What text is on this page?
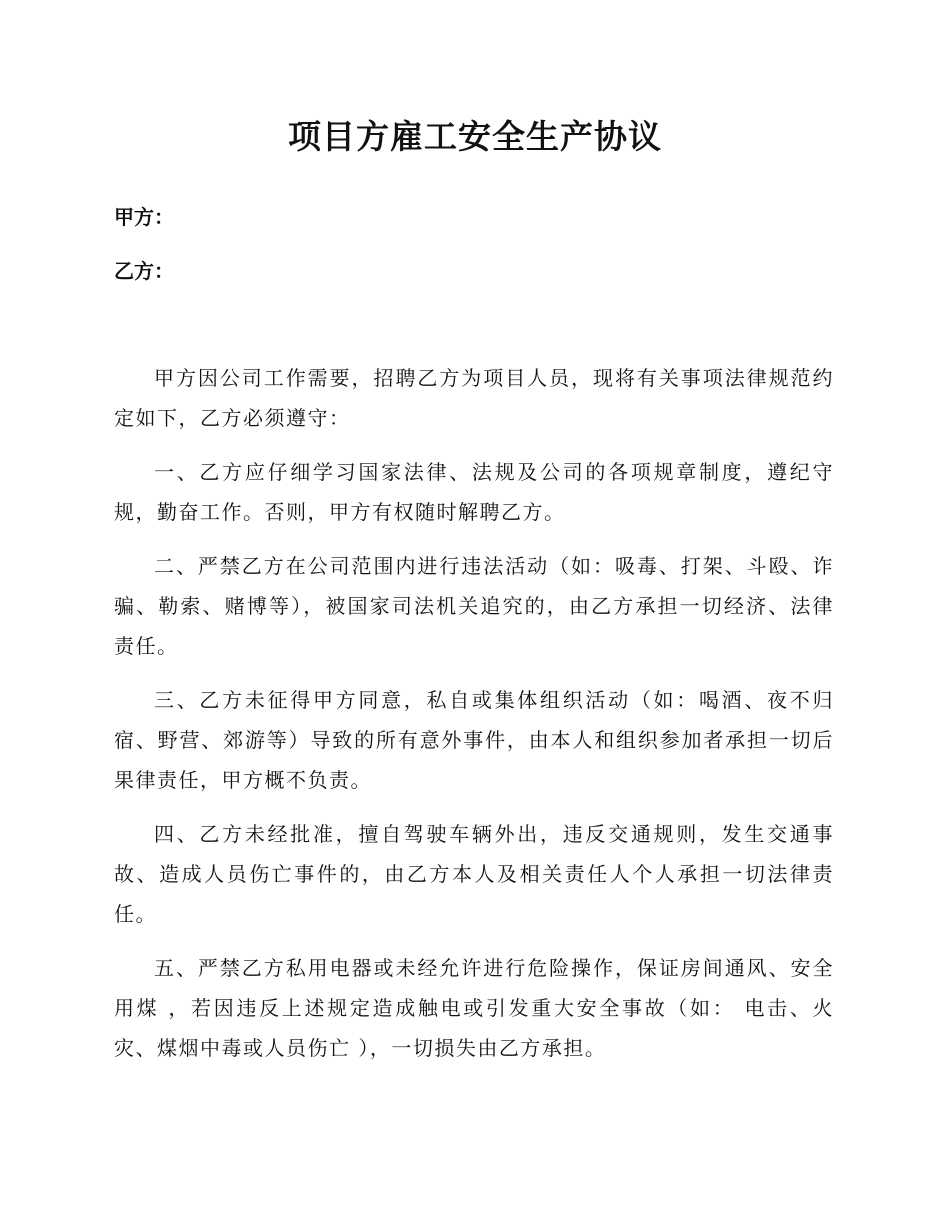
项目方雇工安全生产协议
甲方：
乙方：

甲方因公司工作需要，招聘乙方为项目人员，现将有关事项法律规范约定如下，乙方必须遵守：

一、乙方应仔细学习国家法律、法规及公司的各项规章制度，遵纪守规，勤奋工作。否则，甲方有权随时解聘乙方。

二、严禁乙方在公司范围内进行违法活动（如：吸毒、打架、斗殴、诈骗、勒索、赌博等），被国家司法机关追究的，由乙方承担一切经济、法律责任。

三、乙方未征得甲方同意，私自或集体组织活动（如：喝酒、夜不归宿、野营、郊游等）导致的所有意外事件，由本人和组织参加者承担一切后果律责任，甲方概不负责。

四、乙方未经批准，擅自驾驶车辆外出，违反交通规则，发生交通事故、造成人员伤亡事件的，由乙方本人及相关责任人个人承担一切法律责任。

五、严禁乙方私用电器或未经允许进行危险操作，保证房间通风、安全用煤 ，若因违反上述规定造成触电或引发重大安全事故（如： 电击、火灾、煤烟中毒或人员伤亡 ），一切损失由乙方承担。
